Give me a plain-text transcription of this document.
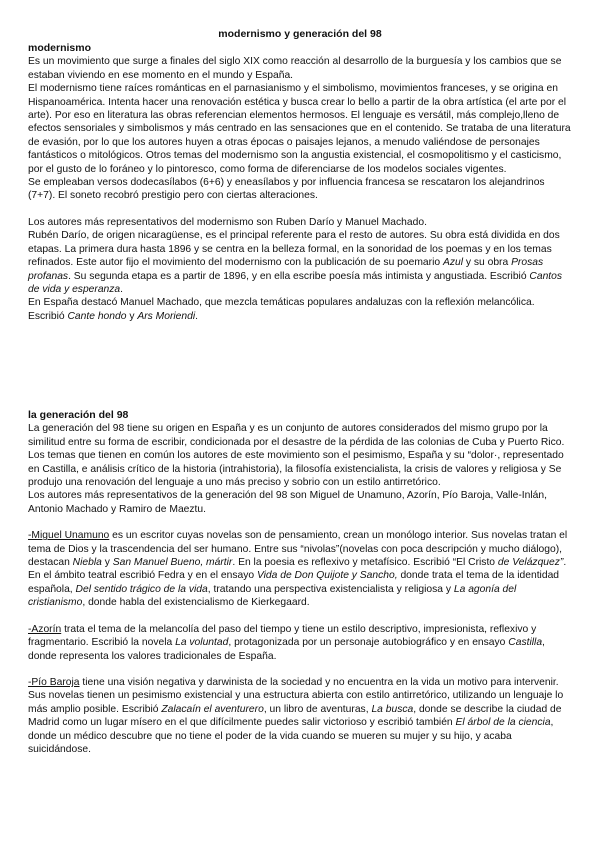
modernismo y generación del 98

modernismo

Es un movimiento que surge a finales del siglo XIX como reacción al desarrollo de la burguesía y los cambios que se estaban viviendo en ese momento en el mundo y España.

El modernismo tiene raíces románticas en el parnasianismo y el simbolismo, movimientos franceses, y se origina en Hispanoamérica. Intenta hacer una renovación estética y busca crear lo bello a partir de la obra artística (el arte por el arte). Por eso en literatura las obras referencian elementos hermosos. El lenguaje es versátil, más complejo,lleno de efectos sensoriales y simbolismos y más centrado en las sensaciones que en el contenido. Se trataba de una literatura de evasión, por lo que los autores huyen a otras épocas o paisajes lejanos, a menudo valiéndose de personajes fantásticos o mitológicos. Otros temas del modernismo son la angustia existencial, el cosmopolitismo y el casticismo, por el gusto de lo foráneo y lo pintoresco, como forma de diferenciarse de los modelos sociales vigentes.

Se empleaban versos dodecasílabos (6+6) y eneasílabos y por influencia francesa se rescataron los alejandrinos (7+7). El soneto recobró prestigio pero con ciertas alteraciones.

Los autores más representativos del modernismo son Ruben Darío y Manuel Machado.

Rubén Darío, de origen nicaragüense, es el principal referente para el resto de autores. Su obra está dividida en dos etapas. La primera dura hasta 1896 y se centra en la belleza formal, en la sonoridad de los poemas y en los temas refinados. Este autor fijo el movimiento del modernismo con la publicación de su poemario Azul y su obra Prosas profanas. Su segunda etapa es a partir de 1896, y en ella escribe poesía más intimista y angustiada. Escribió Cantos de vida y esperanza.

En España destacó Manuel Machado, que mezcla temáticas populares andaluzas con la reflexión melancólica. Escribió Cante hondo y Ars Moriendi.

la generación del 98

La generación del 98 tiene su origen en España y es un conjunto de autores considerados del mismo grupo por la similitud entre su forma de escribir, condicionada por el desastre de la pérdida de las colonias de Cuba y Puerto Rico.

Los temas que tienen en común los autores de este movimiento son el pesimismo, España y su “dolor·, representado en Castilla, e análisis crítico de la historia (intrahistoria), la filosofía existencialista, la crisis de valores y religiosa y Se produjo una renovación del lenguaje a uno más preciso y sobrio con un estilo antirretórico.

Los autores más representativos de la generación del 98 son Miguel de Unamuno, Azorín, Pío Baroja, Valle-Inlán, Antonio Machado y Ramiro de Maeztu.

-Miguel Unamuno es un escritor cuyas novelas son de pensamiento, crean un monólogo interior. Sus novelas tratan el tema de Dios y la trascendencia del ser humano. Entre sus “nivolas”(novelas con poca descripción y mucho diálogo), destacan Niebla y San Manuel Bueno, mártir. En la poesia es reflexivo y metafísico. Escribió “El Cristo de Velázquez”. En el ámbito teatral escribió Fedra y en el ensayo Vida de Don Quijote y Sancho, donde trata el tema de la identidad española, Del sentido trágico de la vida, tratando una perspectiva existencialista y religiosa y La agonía del cristianismo, donde habla del existencialismo de Kierkegaard.

-Azorín trata el tema de la melancolía del paso del tiempo y tiene un estilo descriptivo, impresionista, reflexivo y fragmentario. Escribió la novela La voluntad, protagonizada por un personaje autobiográfico y en ensayo Castilla, donde representa los valores tradicionales de España.

-Pío Baroja tiene una visión negativa y darwinista de la sociedad y no encuentra en la vida un motivo para intervenir. Sus novelas tienen un pesimismo existencial y una estructura abierta con estilo antirretórico, utilizando un lenguaje lo más amplio posible. Escribió Zalacaín el aventurero, un libro de aventuras, La busca, donde se describe la ciudad de Madrid como un lugar mísero en el que difícilmente puedes salir victorioso y escribió también El árbol de la ciencia, donde un médico descubre que no tiene el poder de la vida cuando se mueren su mujer y su hijo, y acaba suicidándose.
